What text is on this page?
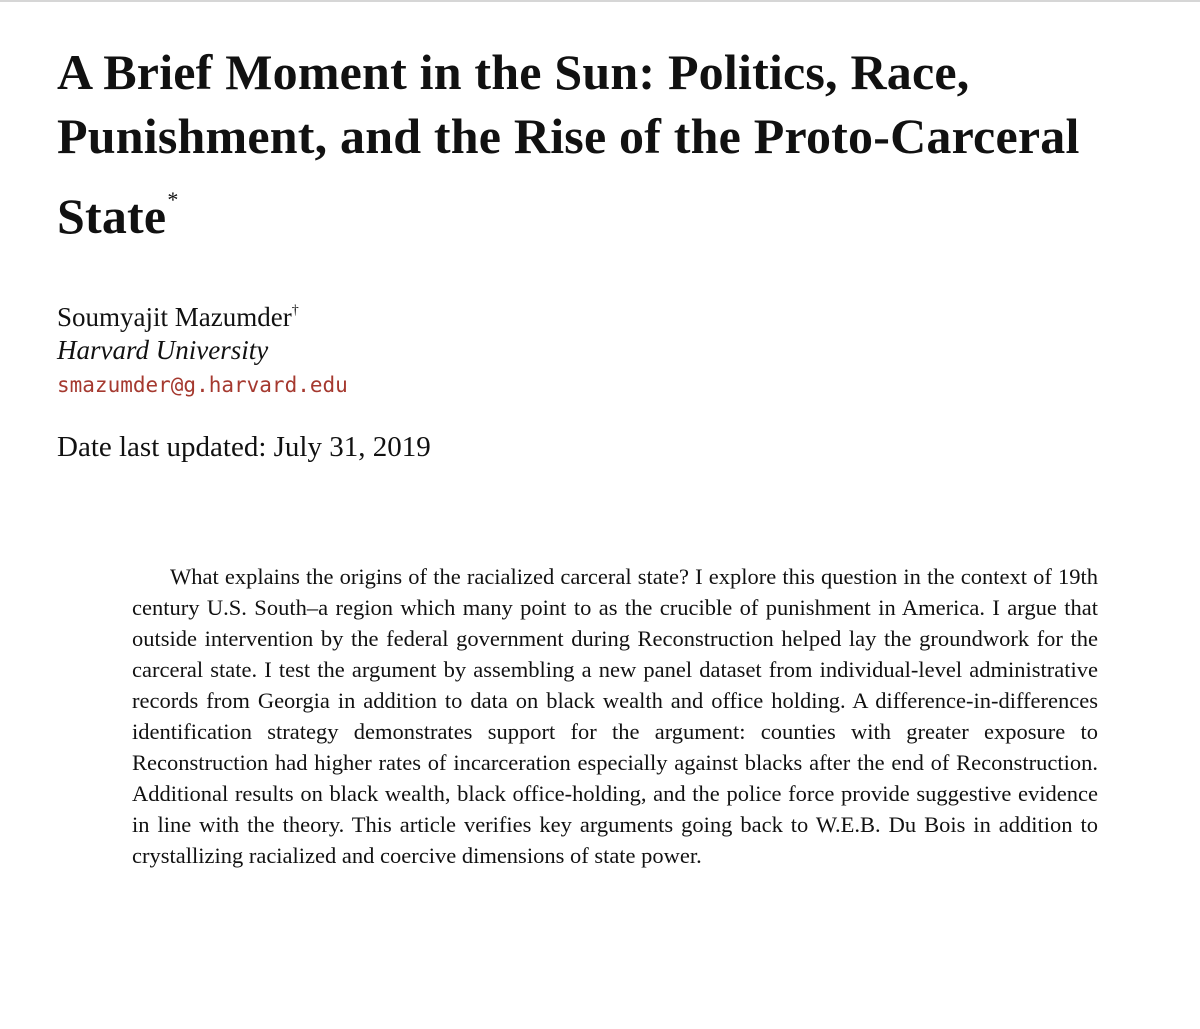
A Brief Moment in the Sun: Politics, Race, Punishment, and the Rise of the Proto-Carceral State*
Soumyajit Mazumder†
Harvard University
smazumder@g.harvard.edu
Date last updated: July 31, 2019

What explains the origins of the racialized carceral state? I explore this question in the context of 19th century U.S. South–a region which many point to as the crucible of punishment in America. I argue that outside intervention by the federal government during Reconstruction helped lay the groundwork for the carceral state. I test the argument by assembling a new panel dataset from individual-level administrative records from Georgia in addition to data on black wealth and office holding. A difference-in-differences identification strategy demonstrates support for the argument: counties with greater exposure to Reconstruction had higher rates of incarceration especially against blacks after the end of Reconstruction. Additional results on black wealth, black office-holding, and the police force provide suggestive evidence in line with the theory. This article verifies key arguments going back to W.E.B. Du Bois in addition to crystallizing racialized and coercive dimensions of state power.
